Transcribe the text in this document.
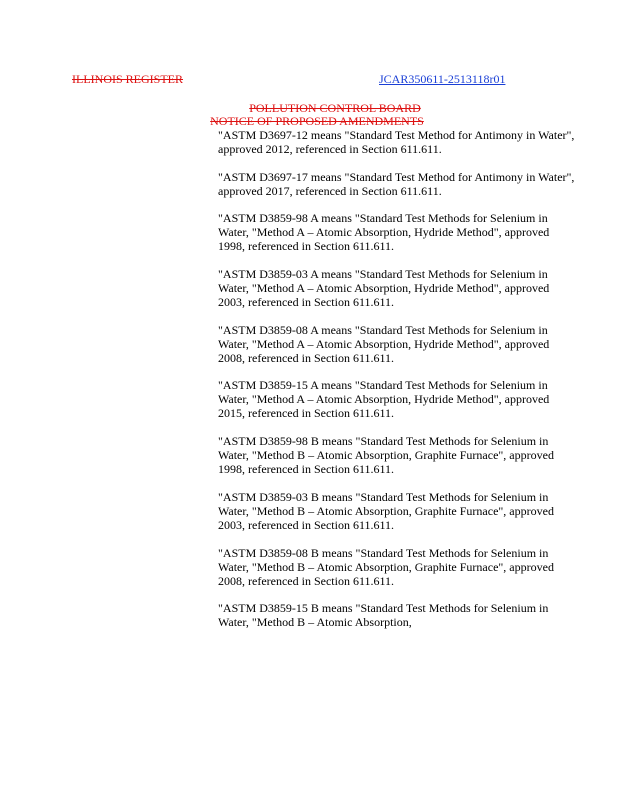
ILLINOIS REGISTER	JCAR350611-2513118r01
POLLUTION CONTROL BOARD
NOTICE OF PROPOSED AMENDMENTS

"ASTM D3697-12 means "Standard Test Method for Antimony in Water", approved 2012, referenced in Section 611.611.

"ASTM D3697-17 means "Standard Test Method for Antimony in Water", approved 2017, referenced in Section 611.611.

"ASTM D3859-98 A means "Standard Test Methods for Selenium in Water, "Method A – Atomic Absorption, Hydride Method", approved 1998, referenced in Section 611.611.

"ASTM D3859-03 A means "Standard Test Methods for Selenium in Water, "Method A – Atomic Absorption, Hydride Method", approved 2003, referenced in Section 611.611.

"ASTM D3859-08 A means "Standard Test Methods for Selenium in Water, "Method A – Atomic Absorption, Hydride Method", approved 2008, referenced in Section 611.611.

"ASTM D3859-15 A means "Standard Test Methods for Selenium in Water, "Method A – Atomic Absorption, Hydride Method", approved 2015, referenced in Section 611.611.

"ASTM D3859-98 B means "Standard Test Methods for Selenium in Water, "Method B – Atomic Absorption, Graphite Furnace", approved 1998, referenced in Section 611.611.

"ASTM D3859-03 B means "Standard Test Methods for Selenium in Water, "Method B – Atomic Absorption, Graphite Furnace", approved 2003, referenced in Section 611.611.

"ASTM D3859-08 B means "Standard Test Methods for Selenium in Water, "Method B – Atomic Absorption, Graphite Furnace", approved 2008, referenced in Section 611.611.

"ASTM D3859-15 B means "Standard Test Methods for Selenium in Water, "Method B – Atomic Absorption,
